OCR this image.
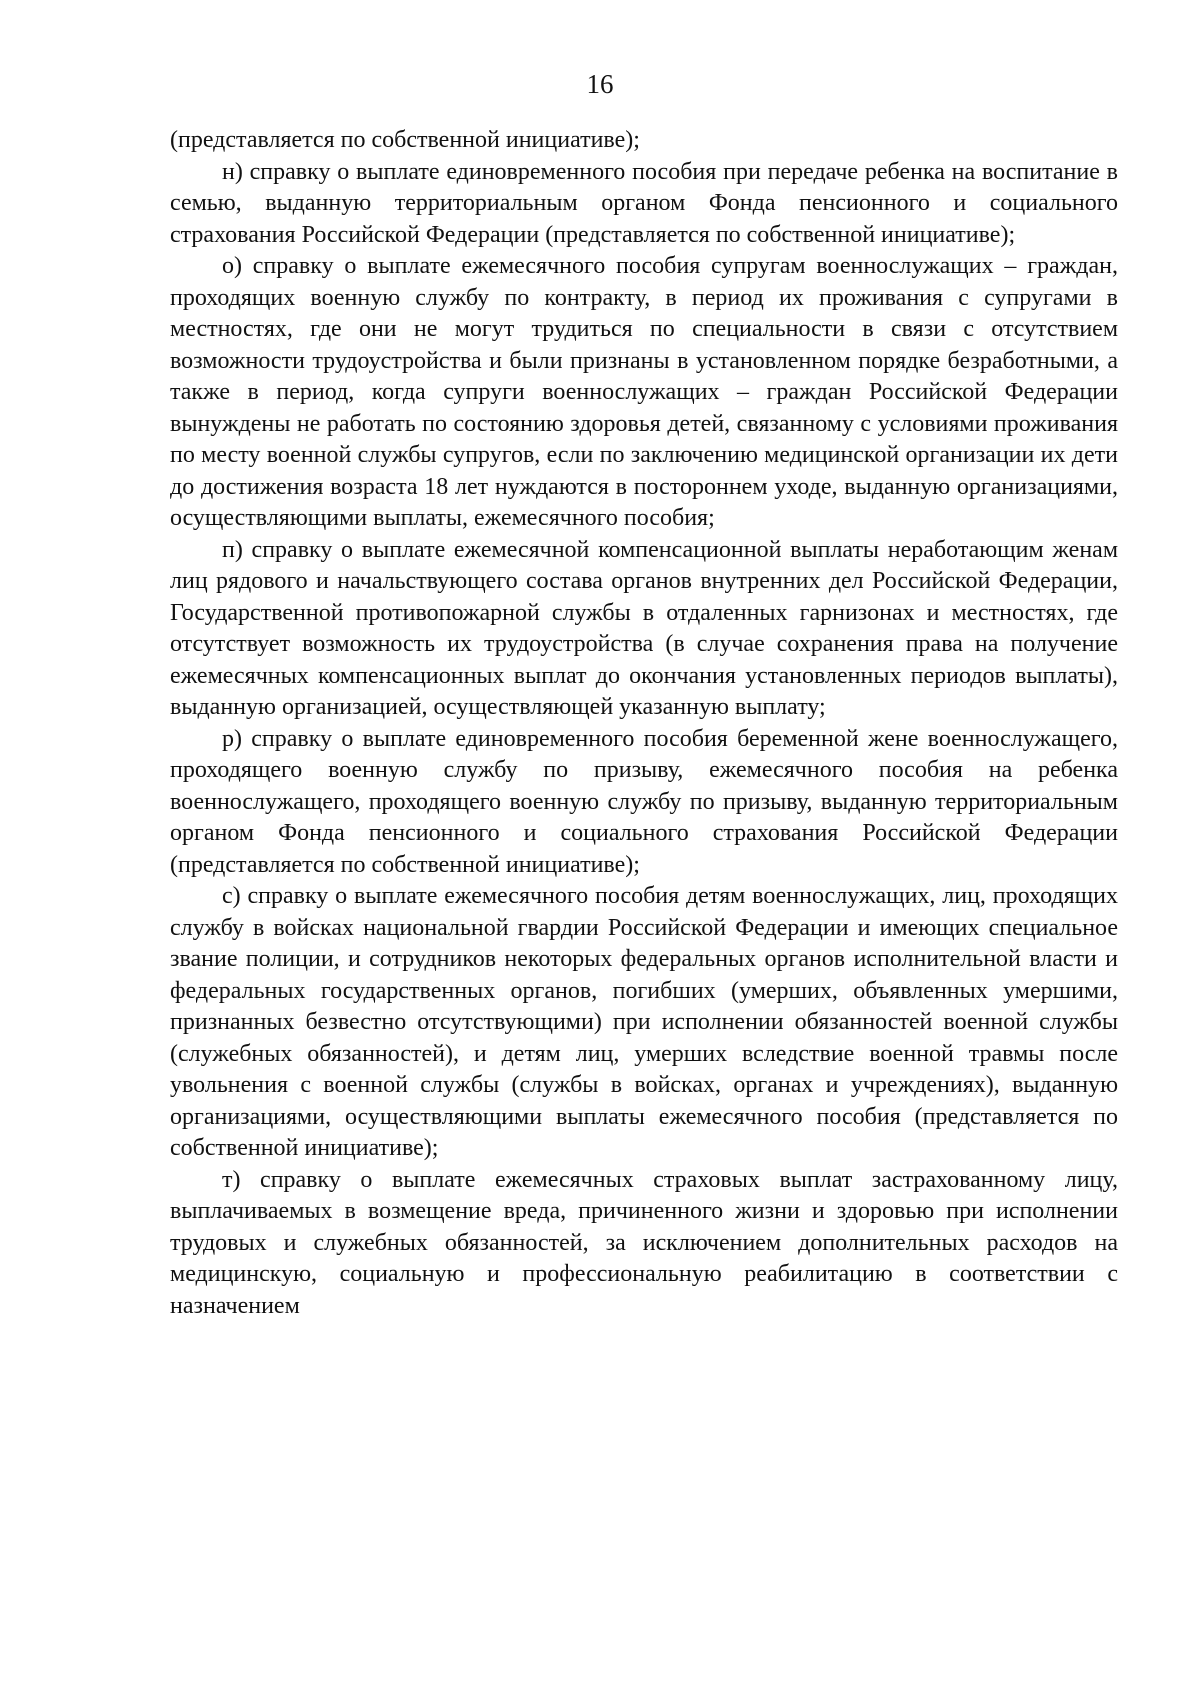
16

(представляется по собственной инициативе);

н) справку о выплате единовременного пособия при передаче ребенка на воспитание в семью, выданную территориальным органом Фонда пенсионного и социального страхования Российской Федерации (представляется по собственной инициативе);

о) справку о выплате ежемесячного пособия супругам военнослужащих – граждан, проходящих военную службу по контракту, в период их проживания с супругами в местностях, где они не могут трудиться по специальности в связи с отсутствием возможности трудоустройства и были признаны в установленном порядке безработными, а также в период, когда супруги военнослужащих – граждан Российской Федерации вынуждены не работать по состоянию здоровья детей, связанному с условиями проживания по месту военной службы супругов, если по заключению медицинской организации их дети до достижения возраста 18 лет нуждаются в постороннем уходе, выданную организациями, осуществляющими выплаты, ежемесячного пособия;

п) справку о выплате ежемесячной компенсационной выплаты неработающим женам лиц рядового и начальствующего состава органов внутренних дел Российской Федерации, Государственной противопожарной службы в отдаленных гарнизонах и местностях, где отсутствует возможность их трудоустройства (в случае сохранения права на получение ежемесячных компенсационных выплат до окончания установленных периодов выплаты), выданную организацией, осуществляющей указанную выплату;

р) справку о выплате единовременного пособия беременной жене военнослужащего, проходящего военную службу по призыву, ежемесячного пособия на ребенка военнослужащего, проходящего военную службу по призыву, выданную территориальным органом Фонда пенсионного и социального страхования Российской Федерации (представляется по собственной инициативе);

с) справку о выплате ежемесячного пособия детям военнослужащих, лиц, проходящих службу в войсках национальной гвардии Российской Федерации и имеющих специальное звание полиции, и сотрудников некоторых федеральных органов исполнительной власти и федеральных государственных органов, погибших (умерших, объявленных умершими, признанных безвестно отсутствующими) при исполнении обязанностей военной службы (служебных обязанностей), и детям лиц, умерших вследствие военной травмы после увольнения с военной службы (службы в войсках, органах и учреждениях), выданную организациями, осуществляющими выплаты ежемесячного пособия (представляется по собственной инициативе);

т) справку о выплате ежемесячных страховых выплат застрахованному лицу, выплачиваемых в возмещение вреда, причиненного жизни и здоровью при исполнении трудовых и служебных обязанностей, за исключением дополнительных расходов на медицинскую, социальную и профессиональную реабилитацию в соответствии с назначением
